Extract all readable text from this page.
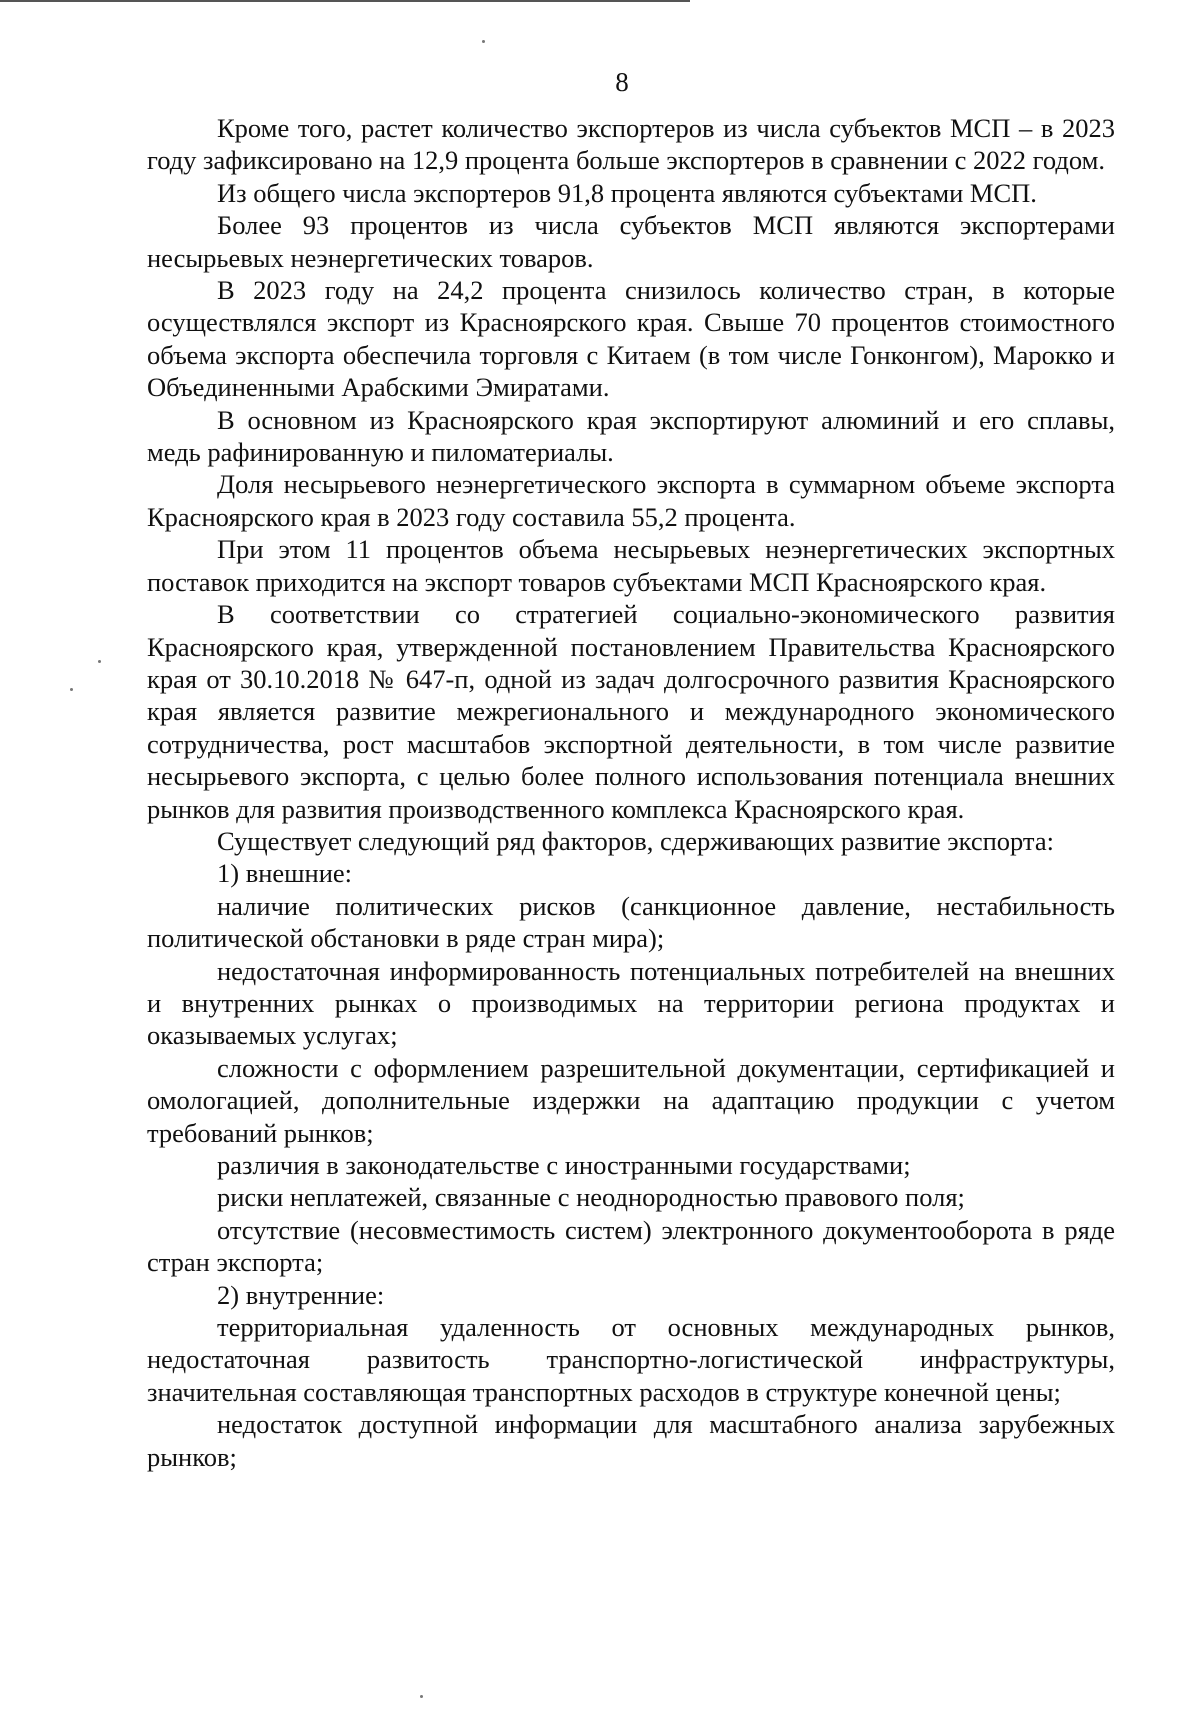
8

Кроме того, растет количество экспортеров из числа субъектов МСП – в 2023 году зафиксировано на 12,9 процента больше экспортеров в сравнении с 2022 годом.

Из общего числа экспортеров 91,8 процента являются субъектами МСП.

Более 93 процентов из числа субъектов МСП являются экспортерами несырьевых неэнергетических товаров.

В 2023 году на 24,2 процента снизилось количество стран, в которые осуществлялся экспорт из Красноярского края. Свыше 70 процентов стоимостного объема экспорта обеспечила торговля с Китаем (в том числе Гонконгом), Марокко и Объединенными Арабскими Эмиратами.

В основном из Красноярского края экспортируют алюминий и его сплавы, медь рафинированную и пиломатериалы.

Доля несырьевого неэнергетического экспорта в суммарном объеме экспорта Красноярского края в 2023 году составила 55,2 процента.

При этом 11 процентов объема несырьевых неэнергетических экспортных поставок приходится на экспорт товаров субъектами МСП Красноярского края.

В соответствии со стратегией социально-экономического развития Красноярского края, утвержденной постановлением Правительства Красноярского края от 30.10.2018 № 647-п, одной из задач долгосрочного развития Красноярского края является развитие межрегионального и международного экономического сотрудничества, рост масштабов экспортной деятельности, в том числе развитие несырьевого экспорта, с целью более полного использования потенциала внешних рынков для развития производственного комплекса Красноярского края.

Существует следующий ряд факторов, сдерживающих развитие экспорта:

1) внешние:

наличие политических рисков (санкционное давление, нестабильность политической обстановки в ряде стран мира);

недостаточная информированность потенциальных потребителей на внешних и внутренних рынках о производимых на территории региона продуктах и оказываемых услугах;

сложности с оформлением разрешительной документации, сертификацией и омологацией, дополнительные издержки на адаптацию продукции с учетом требований рынков;

различия в законодательстве с иностранными государствами;

риски неплатежей, связанные с неоднородностью правового поля;

отсутствие (несовместимость систем) электронного документооборота в ряде стран экспорта;

2) внутренние:

территориальная удаленность от основных международных рынков, недостаточная развитость транспортно-логистической инфраструктуры, значительная составляющая транспортных расходов в структуре конечной цены;

недостаток доступной информации для масштабного анализа зарубежных рынков;
